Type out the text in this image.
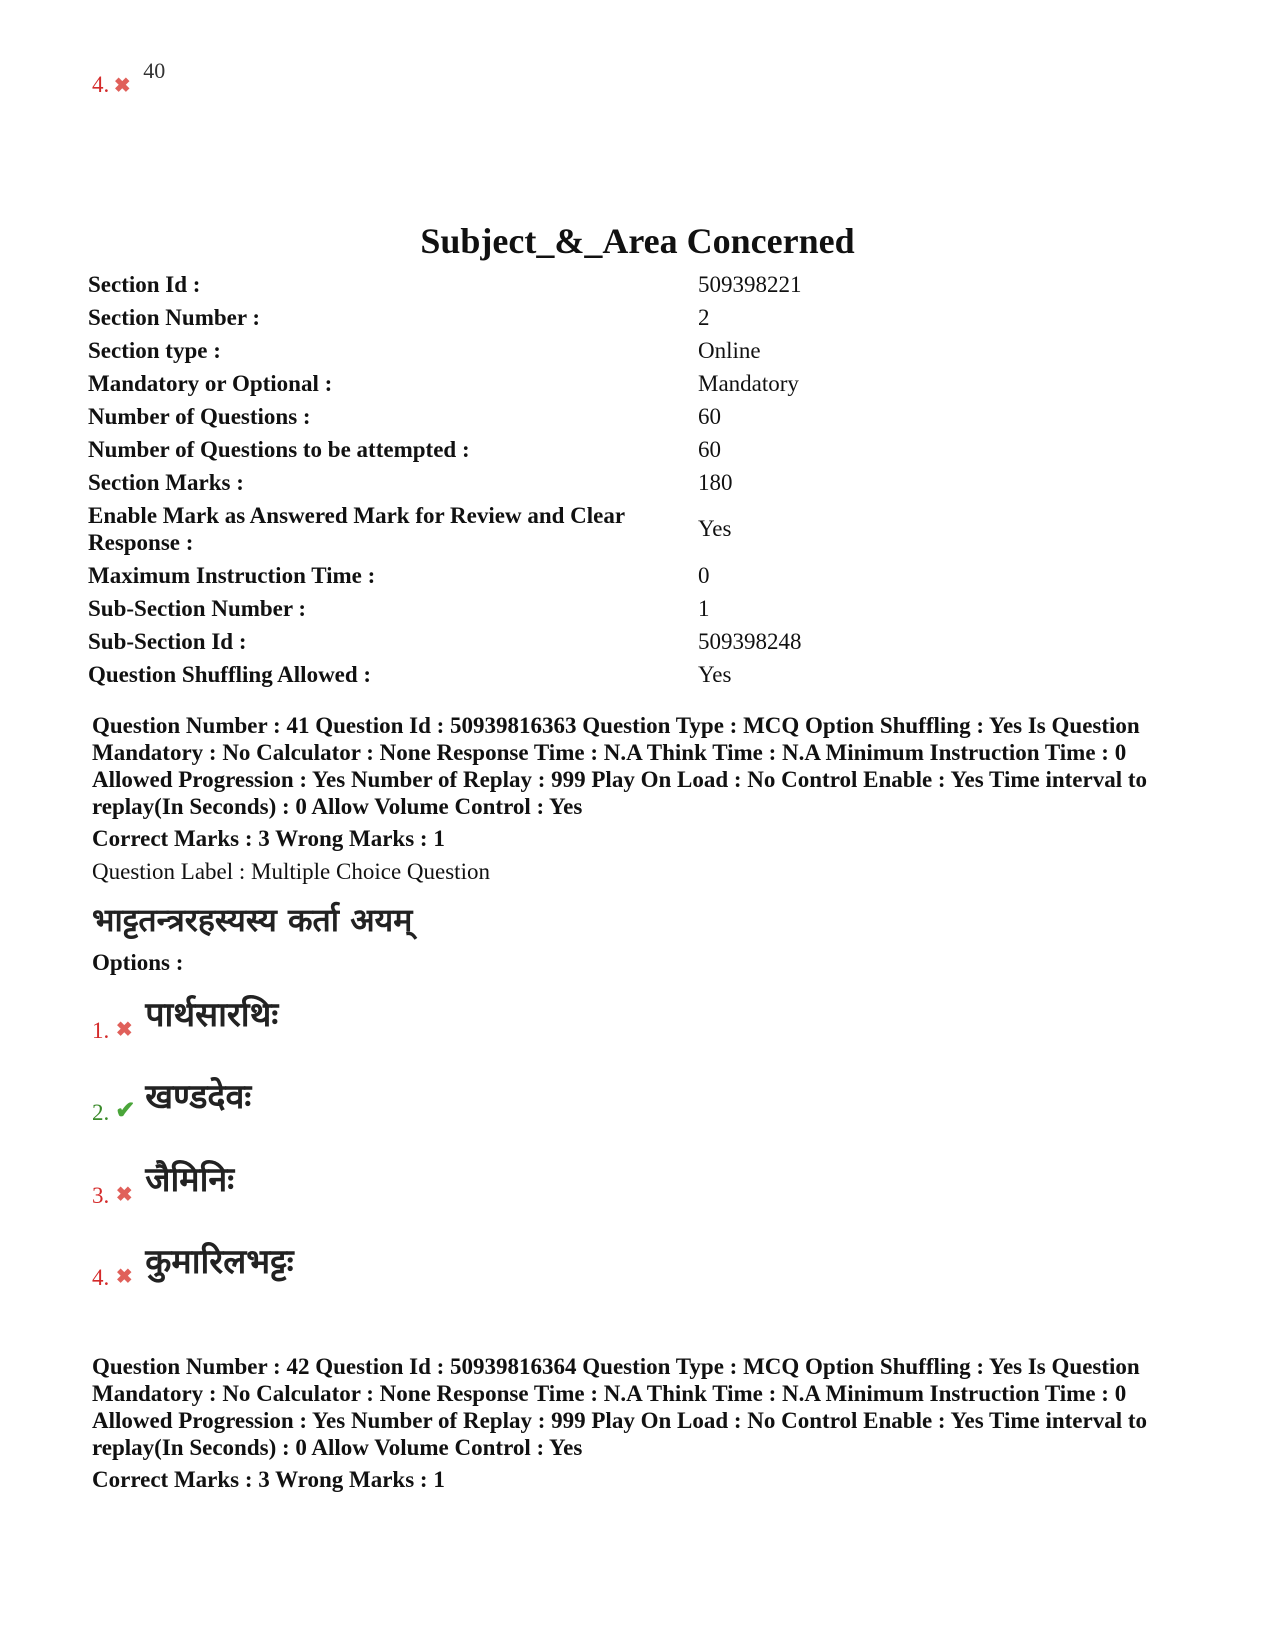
4. ✖ 40
Subject_&_Area Concerned
Section Id :	509398221
Section Number :	2
Section type :	Online
Mandatory or Optional :	Mandatory
Number of Questions :	60
Number of Questions to be attempted :	60
Section Marks :	180
Enable Mark as Answered Mark for Review and Clear Response :	Yes
Maximum Instruction Time :	0
Sub-Section Number :	1
Sub-Section Id :	509398248
Question Shuffling Allowed :	Yes
Question Number : 41 Question Id : 50939816363 Question Type : MCQ Option Shuffling : Yes Is Question Mandatory : No Calculator : None Response Time : N.A Think Time : N.A Minimum Instruction Time : 0 Allowed Progression : Yes Number of Replay : 999 Play On Load : No Control Enable : Yes Time interval to replay(In Seconds) : 0 Allow Volume Control : Yes
Correct Marks : 3 Wrong Marks : 1
Question Label : Multiple Choice Question
भाट्टतन्त्ररहस्यस्य कर्ता अयम्
Options :
1. ✖ पार्थसारथिः
2. ✔ खण्डदेवः
3. ✖ जैमिनिः
4. ✖ कुमारिलभट्टः
Question Number : 42 Question Id : 50939816364 Question Type : MCQ Option Shuffling : Yes Is Question Mandatory : No Calculator : None Response Time : N.A Think Time : N.A Minimum Instruction Time : 0 Allowed Progression : Yes Number of Replay : 999 Play On Load : No Control Enable : Yes Time interval to replay(In Seconds) : 0 Allow Volume Control : Yes
Correct Marks : 3 Wrong Marks : 1
